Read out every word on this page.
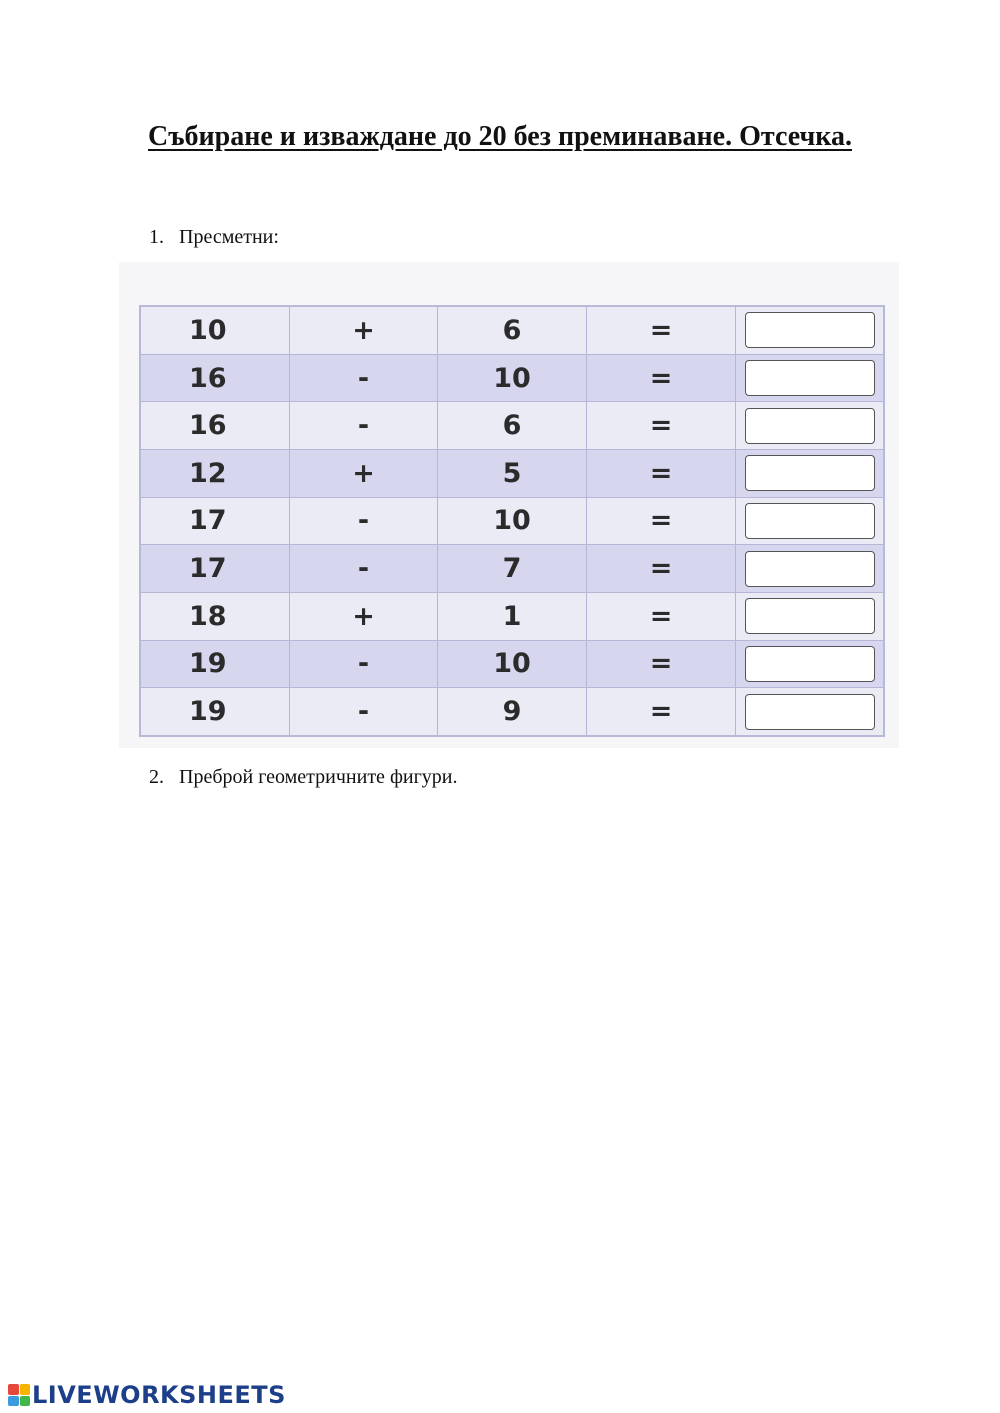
Събиране и изваждане до 20 без преминаване. Отсечка.
1. Пресметни:
10	+	6	=	

16	-	10	=	

16	-	6	=	

12	+	5	=	

17	-	10	=	

17	-	7	=	

18	+	1	=	

19	-	10	=	

19	-	9	=	
2. Преброй геометричните фигури.
LIVEWORKSHEETS
